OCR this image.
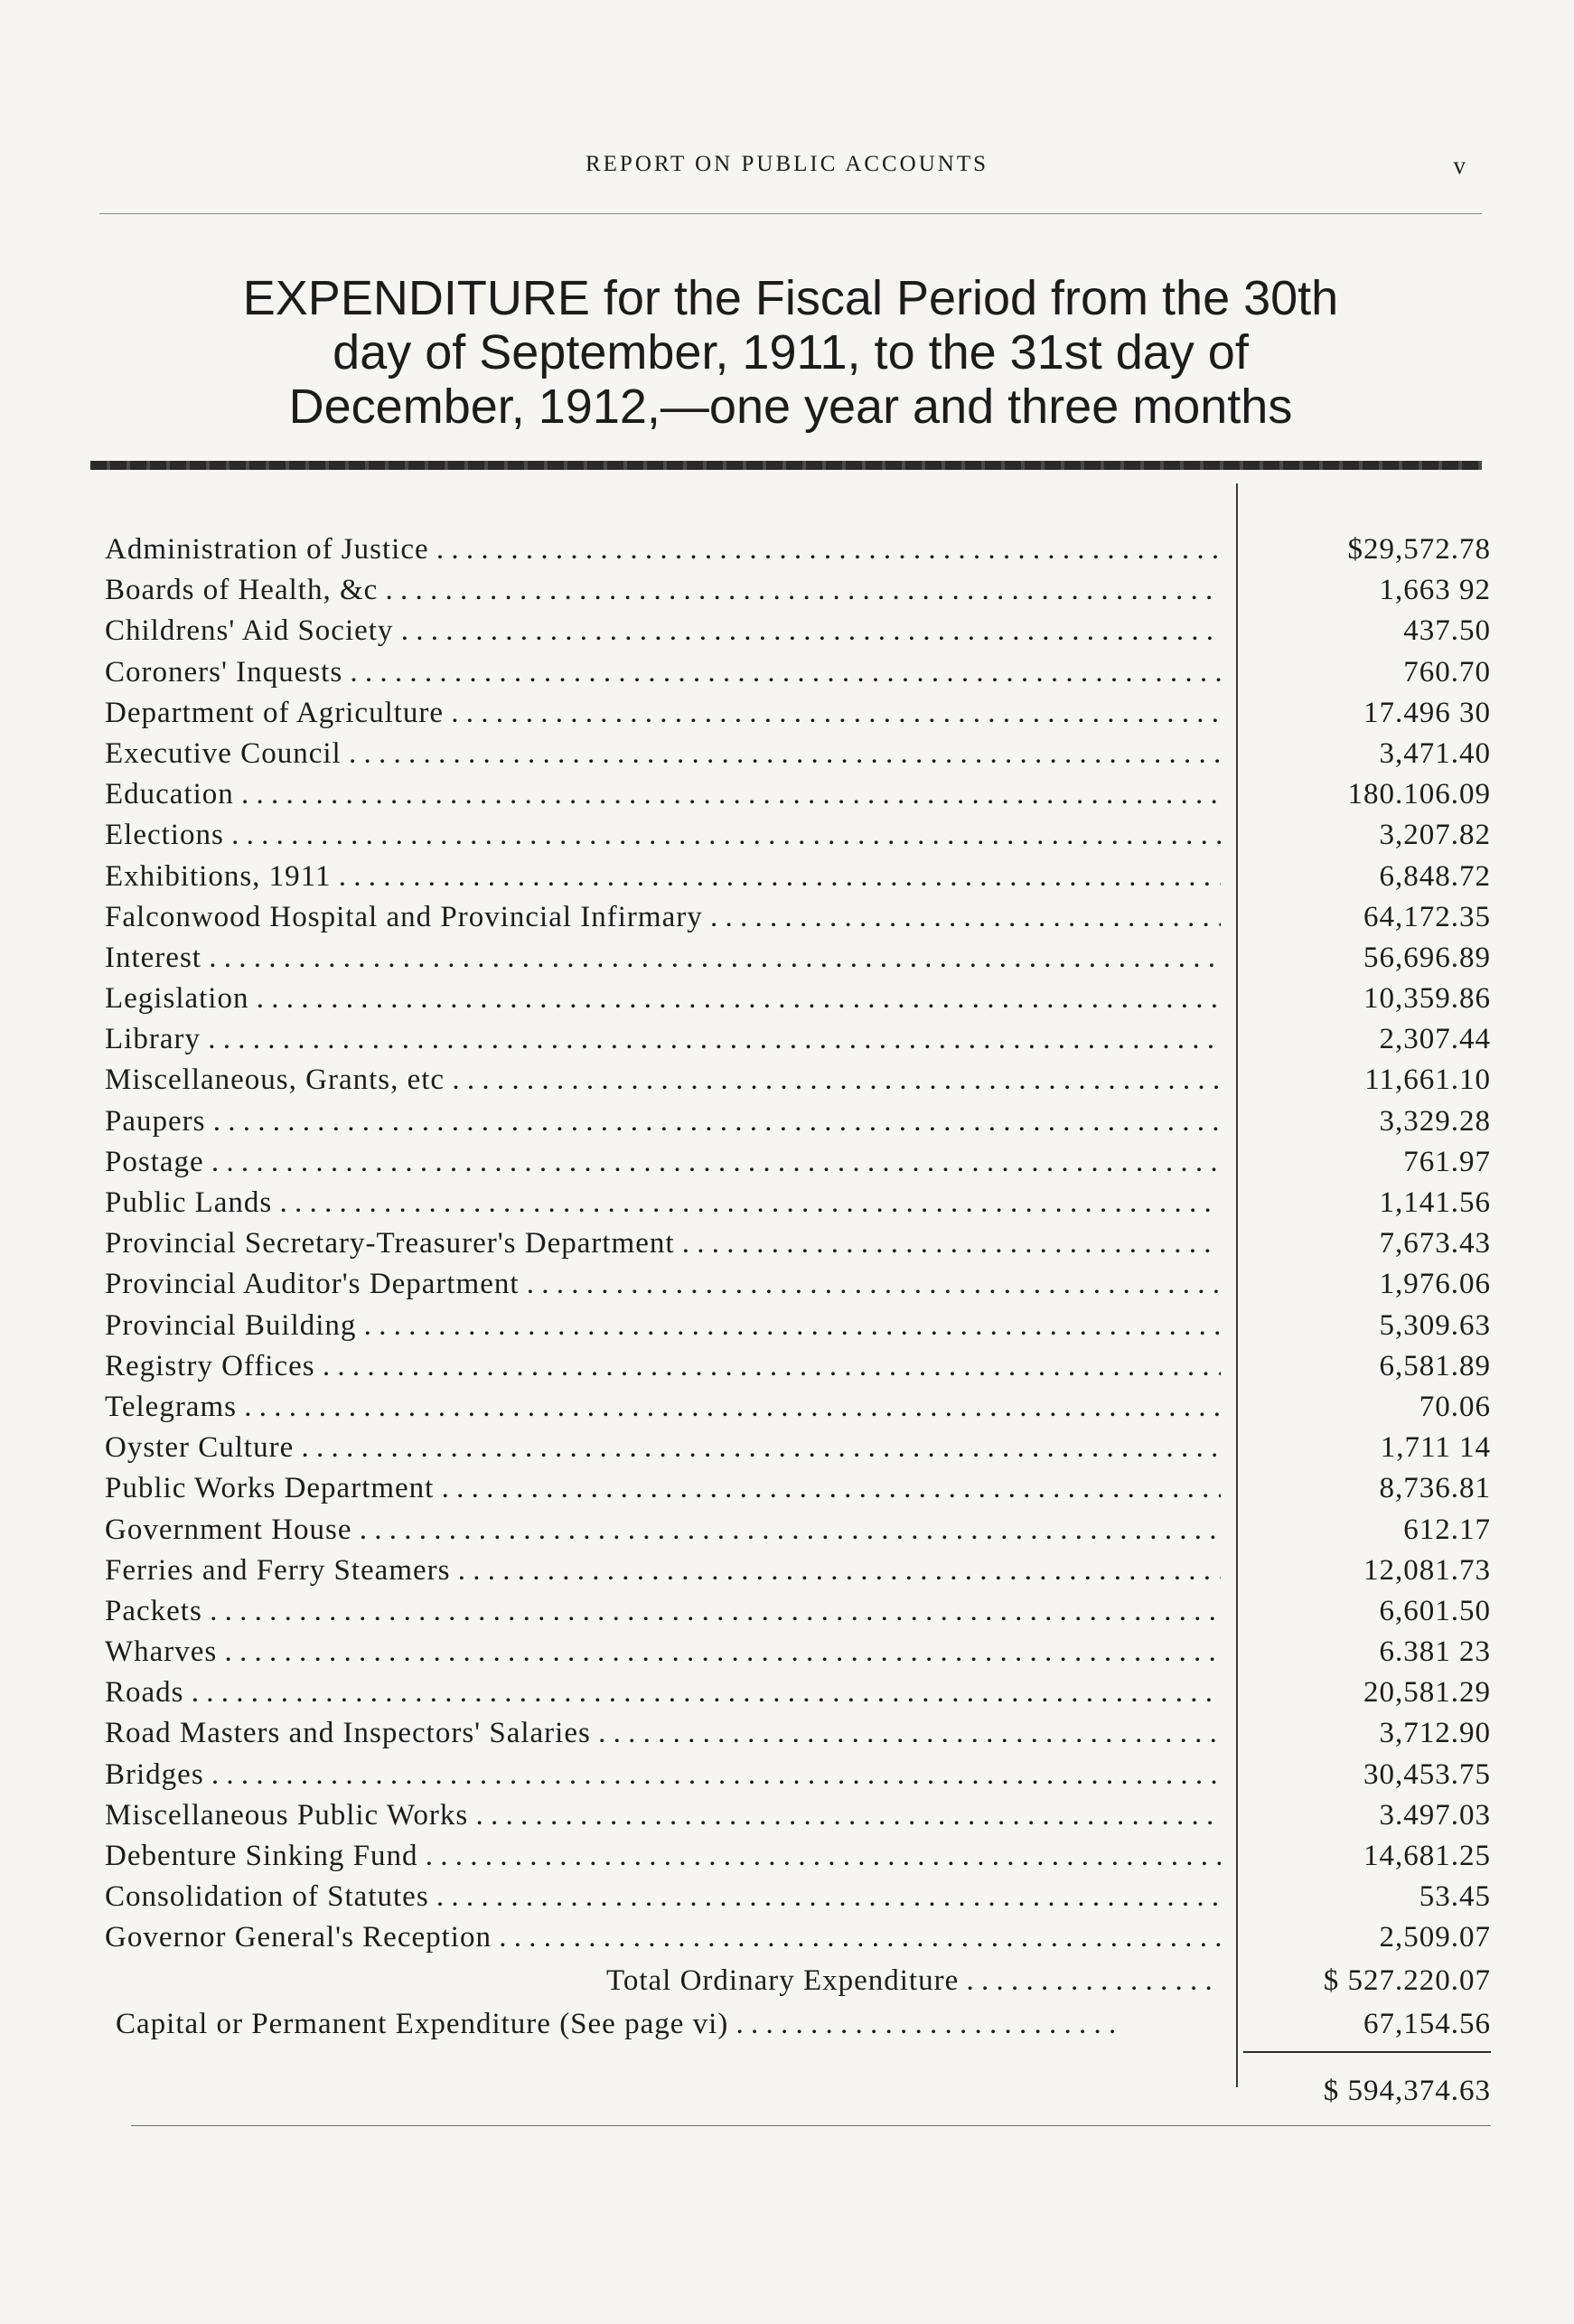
REPORT ON PUBLIC ACCOUNTS	v
EXPENDITURE for the Fiscal Period from the 30th
day of September, 1911, to the 31st day of
December, 1912,—one year and three months
Administration of Justice . . .	$29,572.78
Boards of Health, &c . . .	1,663 92
Childrens' Aid Society . . .	437.50
Coroners' Inquests . . .	760.70
Department of Agriculture . . .	17.496 30
Executive Council . . .	3,471.40
Education . . .	180.106.09
Elections . . .	3,207.82
Exhibitions, 1911 . . .	6,848.72
Falconwood Hospital and Provincial Infirmary . . .	64,172.35
Interest . . .	56,696.89
Legislation . . .	10,359.86
Library . . .	2,307.44
Miscellaneous, Grants, etc . . .	11,661.10
Paupers . . .	3,329.28
Postage . . .	761.97
Public Lands . . .	1,141.56
Provincial Secretary-Treasurer's Department . . .	7,673.43
Provincial Auditor's Department . . .	1,976.06
Provincial Building . . .	5,309.63
Registry Offices . . .	6,581.89
Telegrams . . .	70.06
Oyster Culture . . .	1,711 14
Public Works Department . . .	8,736.81
Government House . . .	612.17
Ferries and Ferry Steamers . . .	12,081.73
Packets . . .	6,601.50
Wharves . . .	6.381 23
Roads . . .	20,581.29
Road Masters and Inspectors' Salaries . . .	3,712.90
Bridges . . .	30,453.75
Miscellaneous Public Works . . .	3.497.03
Debenture Sinking Fund . . .	14,681.25
Consolidation of Statutes . . .	53.45
Governor General's Reception . . .	2,509.07
Total Ordinary Expenditure . . .	$ 527.220.07
Capital or Permanent Expenditure (See page vi) . . .	67,154.56
$ 594,374.63
